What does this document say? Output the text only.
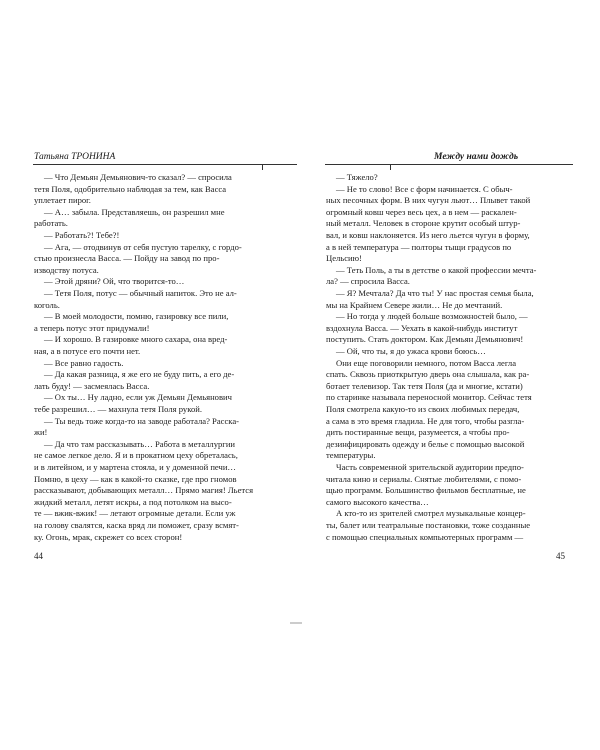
Татьяна ТРОНИНА
— Что Демьян Демьянович-то сказал? — спросила
тетя Поля, одобрительно наблюдая за тем, как Васса
уплетает пирог.
— А… забыла. Представляешь, он разрешил мне
работать.
— Работать?! Тебе?!
— Ага, — отодвинув от себя пустую тарелку, с гордо-
стью произнесла Васса. — Пойду на завод по про-
изводству потуса.
— Этой дряни? Ой, что творится-то…
— Тетя Поля, потус — обычный напиток. Это не ал-
коголь.
— В моей молодости, помню, газировку все пили,
а теперь потус этот придумали!
— И хорошо. В газировке много сахара, она вред-
ная, а в потусе его почти нет.
— Все равно гадость.
— Да какая разница, я же его не буду пить, а его де-
лать буду! — засмеялась Васса.
— Ох ты… Ну ладно, если уж Демьян Демьянович
тебе разрешил… — махнула тетя Поля рукой.
— Ты ведь тоже когда-то на заводе работала? Расска-
жи!
— Да что там рассказывать… Работа в металлургии
не самое легкое дело. Я и в прокатном цеху обреталась,
и в литейном, и у мартена стояла, и у доменной печи…
Помню, в цеху — как в какой-то сказке, где про гномов
рассказывают, добывающих металл… Прямо магия! Льется
жидкий металл, летят искры, а под потолком на высо-
те — вжик-вжик! — летают огромные детали. Если уж
на голову свалятся, каска вряд ли поможет, сразу всмят-
ку. Огонь, мрак, скрежет со всех сторон!
44
Между нами дождь
— Тяжело?
— Не то слово! Все с форм начинается. С обыч-
ных песочных форм. В них чугун льют… Плывет такой
огромный ковш через весь цех, а в нем — раскален-
ный металл. Человек в стороне крутит особый штур-
вал, и ковш наклоняется. Из него льется чугун в форму,
а в ней температура — полторы тыщи градусов по
Цельсию!
— Теть Поль, а ты в детстве о какой профессии мечта-
ла? — спросила Васса.
— Я? Мечтала? Да что ты! У нас простая семья была,
мы на Крайнем Севере жили… Не до мечтаний.
— Но тогда у людей больше возможностей было, —
вздохнула Васса. — Уехать в какой-нибудь институт
поступить. Стать доктором. Как Демьян Демьянович!
— Ой, что ты, я до ужаса крови боюсь…
Они еще поговорили немного, потом Васса легла
спать. Сквозь приоткрытую дверь она слышала, как ра-
ботает телевизор. Так тетя Поля (да и многие, кстати)
по старинке называла переносной монитор. Сейчас тетя
Поля смотрела какую-то из своих любимых передач,
а сама в это время гладила. Не для того, чтобы разгла-
дить постиранные вещи, разумеется, а чтобы про-
дезинфицировать одежду и белье с помощью высокой
температуры.
Часть современной зрительской аудитории предпо-
читала кино и сериалы. Снятые любителями, с помо-
щью программ. Большинство фильмов бесплатные, не
самого высокого качества…
А кто-то из зрителей смотрел музыкальные концер-
ты, балет или театральные постановки, тоже созданные
с помощью специальных компьютерных программ —
45
